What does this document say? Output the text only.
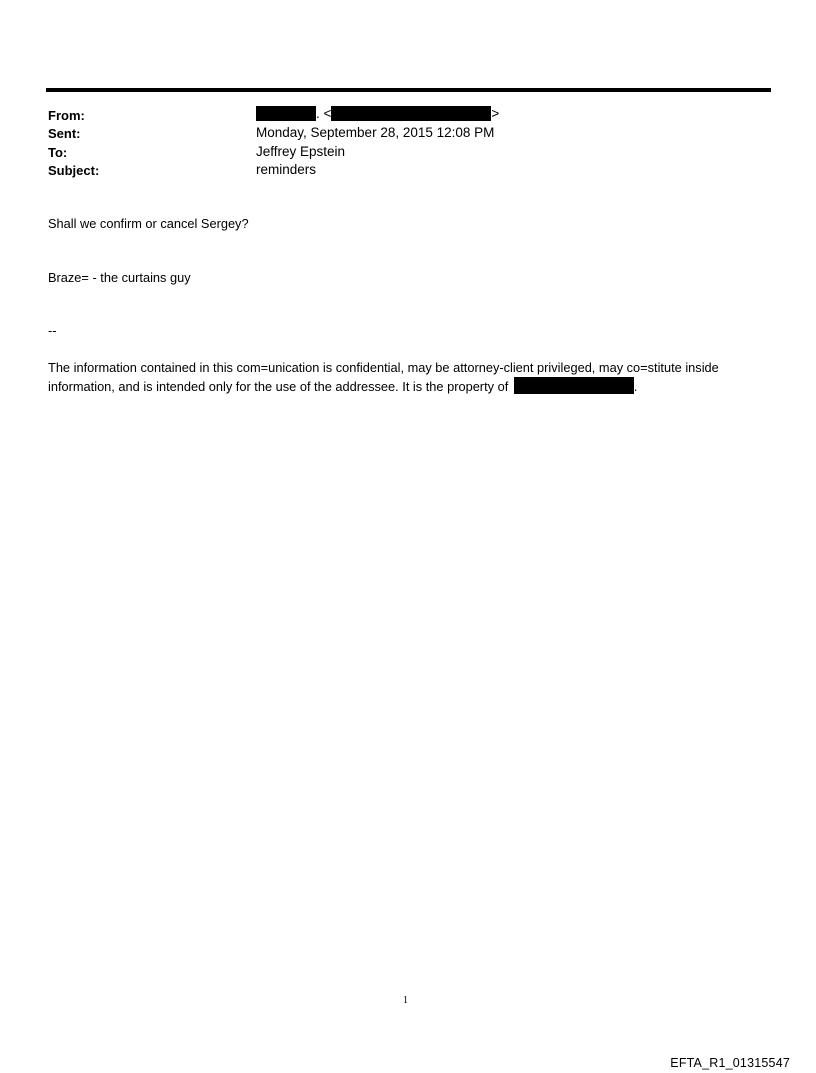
From:	. <	>
Sent:	Monday, September 28, 2015 12:08 PM
To:	Jeffrey Epstein
Subject:	reminders
Shall we confirm or cancel Sergey?
Braze= - the curtains guy
--
The information contained in this com=unication is confidential, may be attorney-client privileged, may co=stitute inside
information, and is intended only for the use of the addressee. It is the property of	.
1
EFTA_R1_01315547
